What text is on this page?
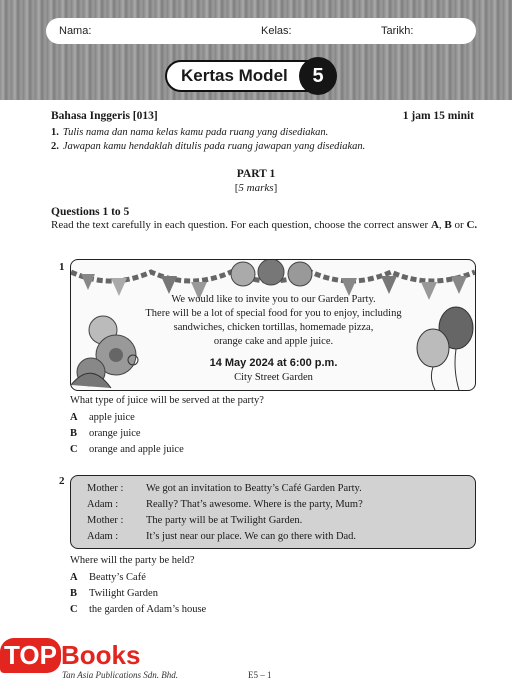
Nama:	Kelas:	Tarikh:
Kertas Model	5
Bahasa Inggeris [013]	1 jam 15 minit
1. Tulis nama dan nama kelas kamu pada ruang yang disediakan.
2. Jawapan kamu hendaklah ditulis pada ruang jawapan yang disediakan.
PART 1
[5 marks]
Questions 1 to 5
Read the text carefully in each question. For each question, choose the correct answer A, B or C.
1
We would like to invite you to our Garden Party.
There will be a lot of special food for you to enjoy, including
sandwiches, chicken tortillas, homemade pizza,
orange cake and apple juice.
14 May 2024 at 6:00 p.m.
City Street Garden
What type of juice will be served at the party?
A apple juice
B orange juice
C orange and apple juice
2
Mother : We got an invitation to Beatty’s Café Garden Party.
Adam :	Really? That’s awesome. Where is the party, Mum?
Mother : The party will be at Twilight Garden.
Adam :	It’s just near our place. We can go there with Dad.
Where will the party be held?
A Beatty’s Café
B Twilight Garden
C the garden of Adam’s house
TOP Books
Tan Asia Publications Sdn. Bhd.	E5 – 1
